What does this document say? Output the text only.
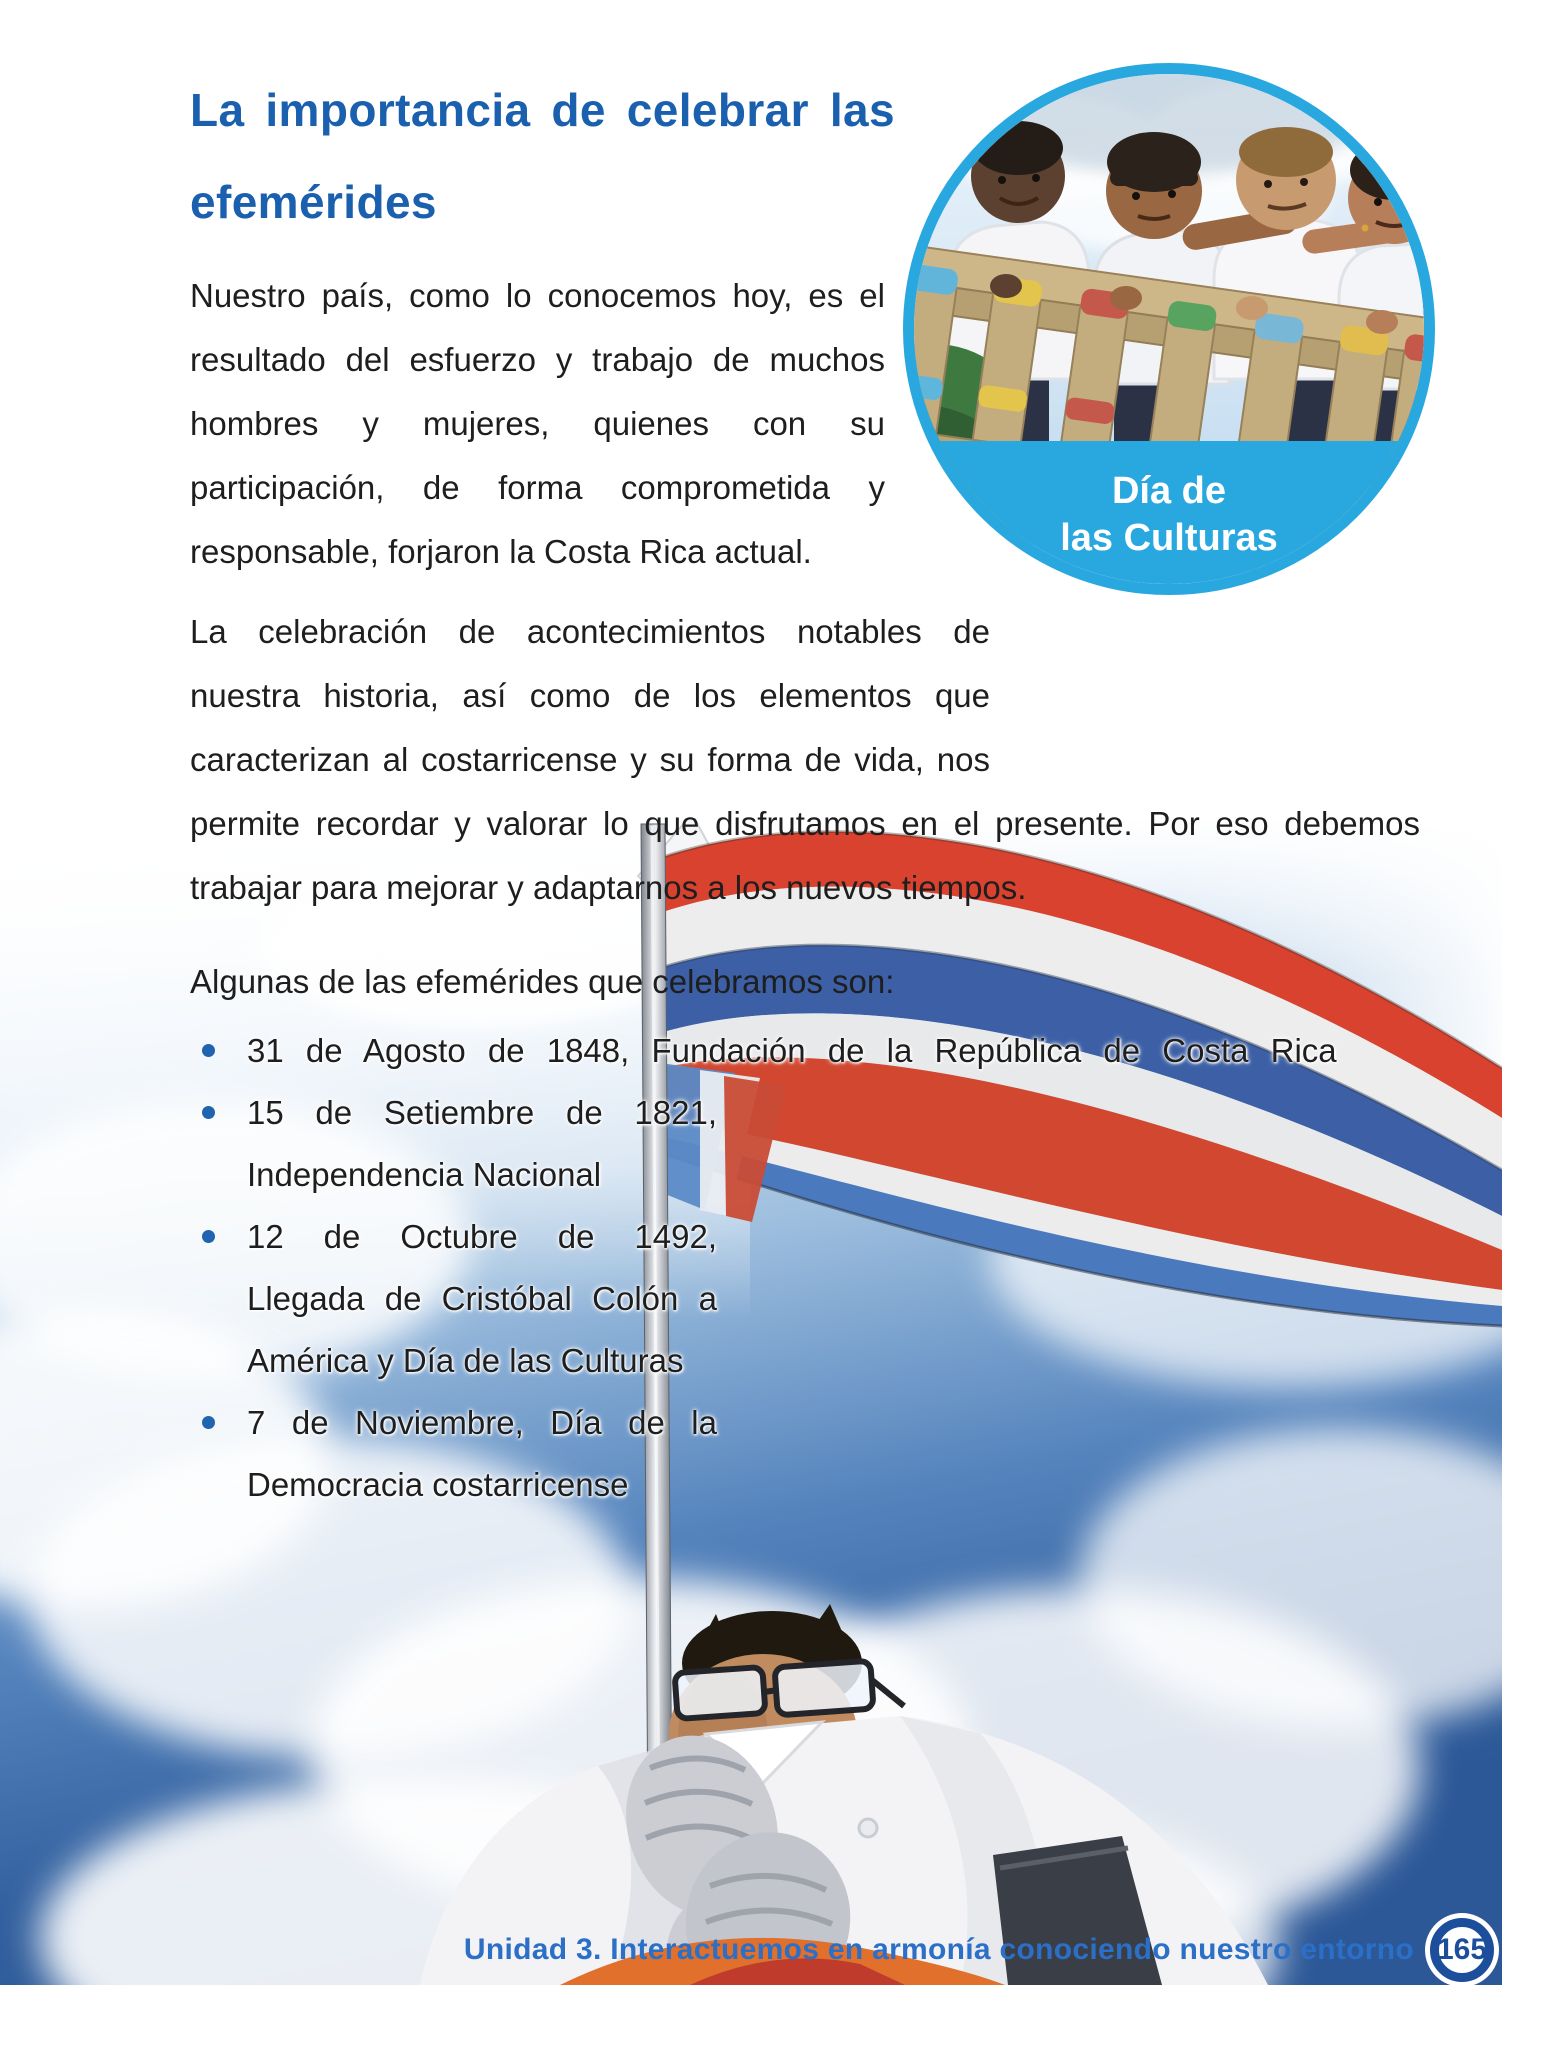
Día de
las Culturas
La importancia de celebrar las efemérides

Nuestro país, como lo conocemos hoy, es el resultado del esfuerzo y trabajo de muchos hombres y mujeres, quienes con su participación, de forma comprometida y responsable, forjaron la Costa Rica actual.

La celebración de acontecimientos notables de nuestra historia, así como de los elementos que caracterizan al costarricense y su forma de vida, nos permite recordar y valorar lo que disfrutamos en el presente. Por eso debemos trabajar para mejorar y adaptarnos a los nuevos tiempos.

Algunas de las efemérides que celebramos son:

31 de Agosto de 1848, Fundación de la República de Costa Rica
15 de Setiembre de 1821, Independencia Nacional
12 de Octubre de 1492, Llegada de Cristóbal Colón a América y Día de las Culturas
7 de Noviembre, Día de la Democracia costarricense
Unidad 3. Interactuemos en armonía conociendo nuestro entorno 165
